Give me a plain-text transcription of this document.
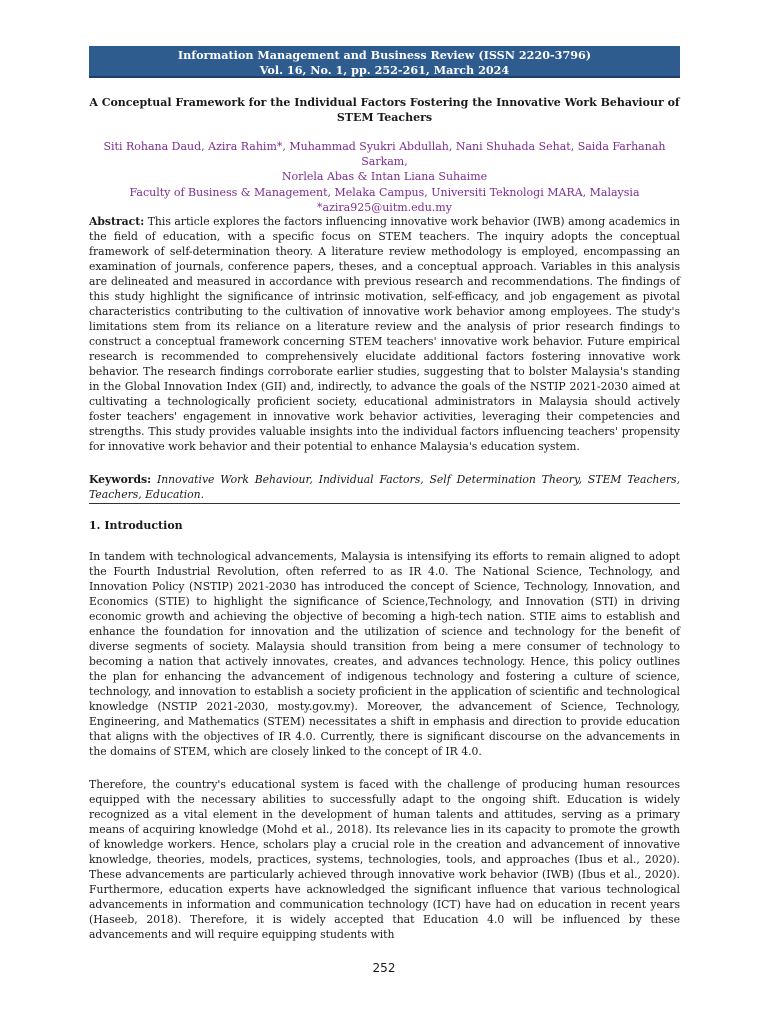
Information Management and Business Review (ISSN 2220-3796)
Vol. 16, No. 1, pp. 252-261, March 2024
A Conceptual Framework for the Individual Factors Fostering the Innovative Work Behaviour of STEM Teachers
Siti Rohana Daud, Azira Rahim*, Muhammad Syukri Abdullah, Nani Shuhada Sehat, Saida Farhanah Sarkam,
Norlela Abas & Intan Liana Suhaime
Faculty of Business & Management, Melaka Campus, Universiti Teknologi MARA, Malaysia
*azira925@uitm.edu.my
Abstract: This article explores the factors influencing innovative work behavior (IWB) among academics in the field of education, with a specific focus on STEM teachers. The inquiry adopts the conceptual framework of self-determination theory. A literature review methodology is employed, encompassing an examination of journals, conference papers, theses, and a conceptual approach. Variables in this analysis are delineated and measured in accordance with previous research and recommendations. The findings of this study highlight the significance of intrinsic motivation, self-efficacy, and job engagement as pivotal characteristics contributing to the cultivation of innovative work behavior among employees. The study's limitations stem from its reliance on a literature review and the analysis of prior research findings to construct a conceptual framework concerning STEM teachers' innovative work behavior. Future empirical research is recommended to comprehensively elucidate additional factors fostering innovative work behavior. The research findings corroborate earlier studies, suggesting that to bolster Malaysia's standing in the Global Innovation Index (GII) and, indirectly, to advance the goals of the NSTIP 2021-2030 aimed at cultivating a technologically proficient society, educational administrators in Malaysia should actively foster teachers' engagement in innovative work behavior activities, leveraging their competencies and strengths. This study provides valuable insights into the individual factors influencing teachers' propensity for innovative work behavior and their potential to enhance Malaysia's education system.
Keywords: Innovative Work Behaviour, Individual Factors, Self Determination Theory, STEM Teachers, Teachers, Education.
1. Introduction
In tandem with technological advancements, Malaysia is intensifying its efforts to remain aligned to adopt the Fourth Industrial Revolution, often referred to as IR 4.0. The National Science, Technology, and Innovation Policy (NSTIP) 2021-2030 has introduced the concept of Science, Technology, Innovation, and Economics (STIE) to highlight the significance of Science,Technology, and Innovation (STI) in driving economic growth and achieving the objective of becoming a high-tech nation. STIE aims to establish and enhance the foundation for innovation and the utilization of science and technology for the benefit of diverse segments of society. Malaysia should transition from being a mere consumer of technology to becoming a nation that actively innovates, creates, and advances technology. Hence, this policy outlines the plan for enhancing the advancement of indigenous technology and fostering a culture of science, technology, and innovation to establish a society proficient in the application of scientific and technological knowledge (NSTIP 2021-2030, mosty.gov.my). Moreover, the advancement of Science, Technology, Engineering, and Mathematics (STEM) necessitates a shift in emphasis and direction to provide education that aligns with the objectives of IR 4.0. Currently, there is significant discourse on the advancements in the domains of STEM, which are closely linked to the concept of IR 4.0.
Therefore, the country's educational system is faced with the challenge of producing human resources equipped with the necessary abilities to successfully adapt to the ongoing shift. Education is widely recognized as a vital element in the development of human talents and attitudes, serving as a primary means of acquiring knowledge (Mohd et al., 2018). Its relevance lies in its capacity to promote the growth of knowledge workers. Hence, scholars play a crucial role in the creation and advancement of innovative knowledge, theories, models, practices, systems, technologies, tools, and approaches (Ibus et al., 2020). These advancements are particularly achieved through innovative work behavior (IWB) (Ibus et al., 2020). Furthermore, education experts have acknowledged the significant influence that various technological advancements in information and communication technology (ICT) have had on education in recent years (Haseeb, 2018). Therefore, it is widely accepted that Education 4.0 will be influenced by these advancements and will require equipping students with
252
